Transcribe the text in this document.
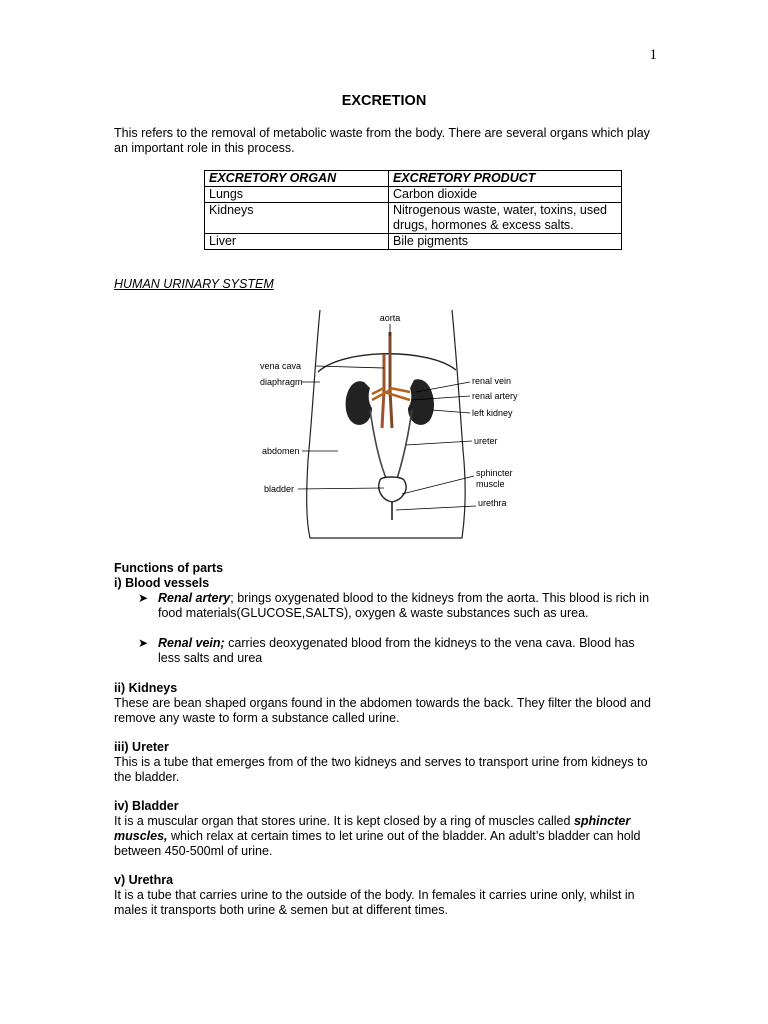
1
EXCRETION
This refers to the removal of metabolic waste from the body. There are several organs which play an important role in this process.
EXCRETORY ORGAN	EXCRETORY PRODUCT
Lungs	Carbon dioxide
Kidneys	Nitrogenous waste, water, toxins, used drugs, hormones & excess salts.
Liver	Bile pigments
HUMAN URINARY SYSTEM
aorta
vena cava
diaphragm
abdomen
bladder
renal vein
renal artery
left kidney
ureter
sphincter
muscle
urethra
Functions of parts
i) Blood vessels
➤ Renal artery; brings oxygenated blood to the kidneys from the aorta. This blood is rich in food materials(GLUCOSE,SALTS), oxygen & waste substances such as urea.
➤ Renal vein; carries deoxygenated blood from the kidneys to the vena cava. Blood has less salts and urea
ii) Kidneys
These are bean shaped organs found in the abdomen towards the back. They filter the blood and remove any waste to form a substance called urine.
iii) Ureter
This is a tube that emerges from of the two kidneys and serves to transport urine from kidneys to the bladder.
iv) Bladder
It is a muscular organ that stores urine. It is kept closed by a ring of muscles called sphincter muscles, which relax at certain times to let urine out of the bladder. An adult’s bladder can hold between 450-500ml of urine.
v) Urethra
It is a tube that carries urine to the outside of the body. In females it carries urine only, whilst in males it transports both urine & semen but at different times.
